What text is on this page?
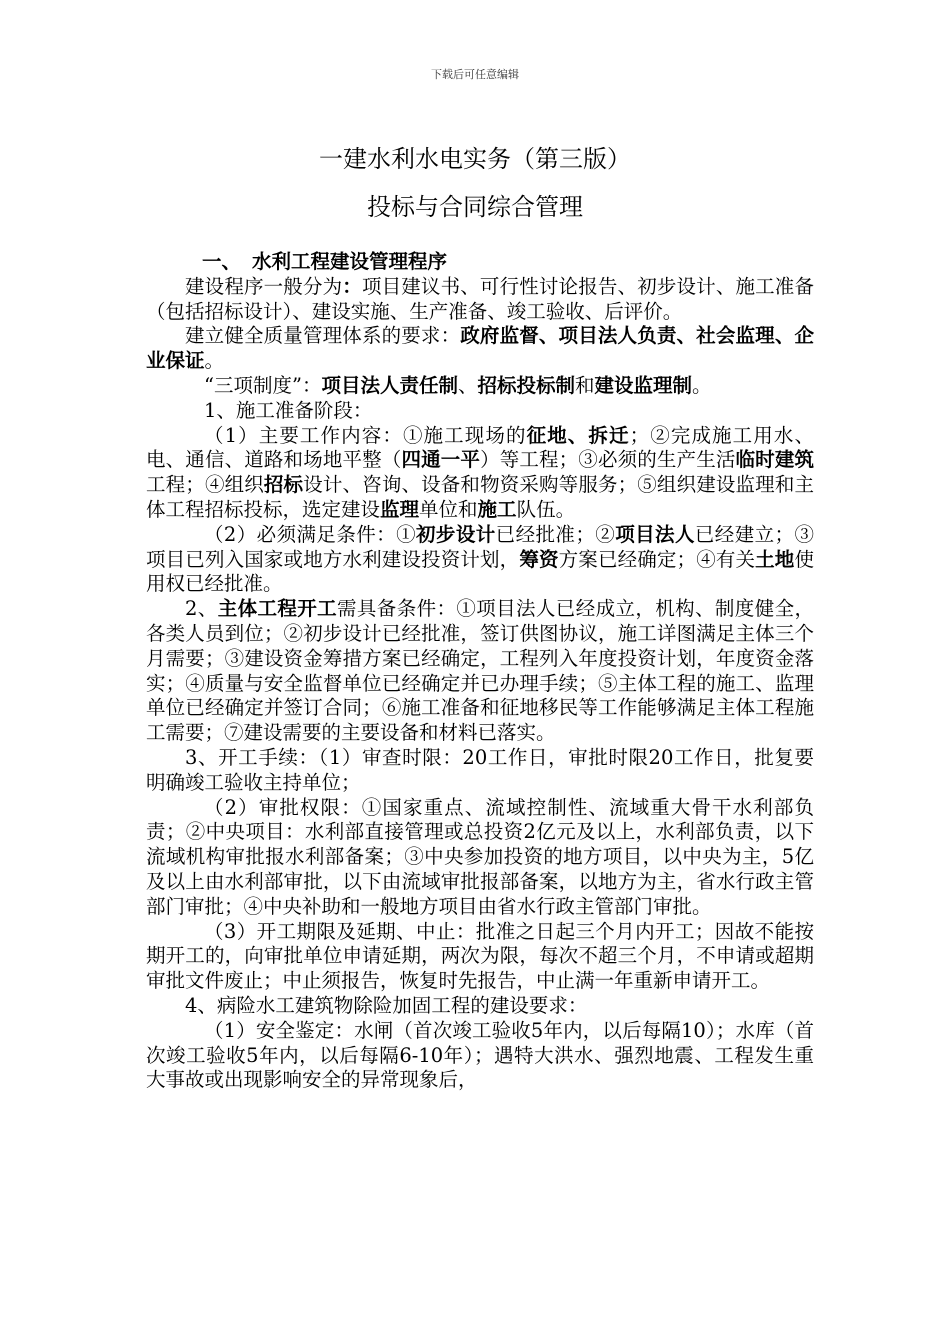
下载后可任意编辑
一建水利水电实务（第三版）
投标与合同综合管理

一、 水利工程建设管理程序

建设程序一般分为：项目建议书、可行性讨论报告、初步设计、施工准备（包括招标设计）、建设实施、生产准备、竣工验收、后评价。

建立健全质量管理体系的要求：政府监督、项目法人负责、社会监理、企业保证。

“三项制度”：项目法人责任制、招标投标制和建设监理制。

1、施工准备阶段：

（1）主要工作内容：①施工现场的征地、拆迁；②完成施工用水、电、通信、道路和场地平整（四通一平）等工程；③必须的生产生活临时建筑工程；④组织招标设计、咨询、设备和物资采购等服务；⑤组织建设监理和主体工程招标投标，选定建设监理单位和施工队伍。

（2）必须满足条件：①初步设计已经批准；②项目法人已经建立；③项目已列入国家或地方水利建设投资计划，筹资方案已经确定；④有关土地使用权已经批准。

2、主体工程开工需具备条件：①项目法人已经成立，机构、制度健全，各类人员到位；②初步设计已经批准，签订供图协议，施工详图满足主体三个月需要；③建设资金筹措方案已经确定，工程列入年度投资计划，年度资金落实；④质量与安全监督单位已经确定并已办理手续；⑤主体工程的施工、监理单位已经确定并签订合同；⑥施工准备和征地移民等工作能够满足主体工程施工需要；⑦建设需要的主要设备和材料已落实。

3、开工手续：（1）审查时限：20工作日，审批时限20工作日，批复要明确竣工验收主持单位；

（2）审批权限：①国家重点、流域控制性、流域重大骨干水利部负责；②中央项目：水利部直接管理或总投资2亿元及以上，水利部负责，以下流域机构审批报水利部备案；③中央参加投资的地方项目，以中央为主，5亿及以上由水利部审批，以下由流域审批报部备案，以地方为主，省水行政主管部门审批；④中央补助和一般地方项目由省水行政主管部门审批。

（3）开工期限及延期、中止：批准之日起三个月内开工；因故不能按期开工的，向审批单位申请延期，两次为限，每次不超三个月，不申请或超期审批文件废止；中止须报告，恢复时先报告，中止满一年重新申请开工。

4、病险水工建筑物除险加固工程的建设要求：

（1）安全鉴定：水闸（首次竣工验收5年内，以后每隔10）；水库（首次竣工验收5年内，以后每隔6-10年）；遇特大洪水、强烈地震、工程发生重大事故或出现影响安全的异常现象后，
